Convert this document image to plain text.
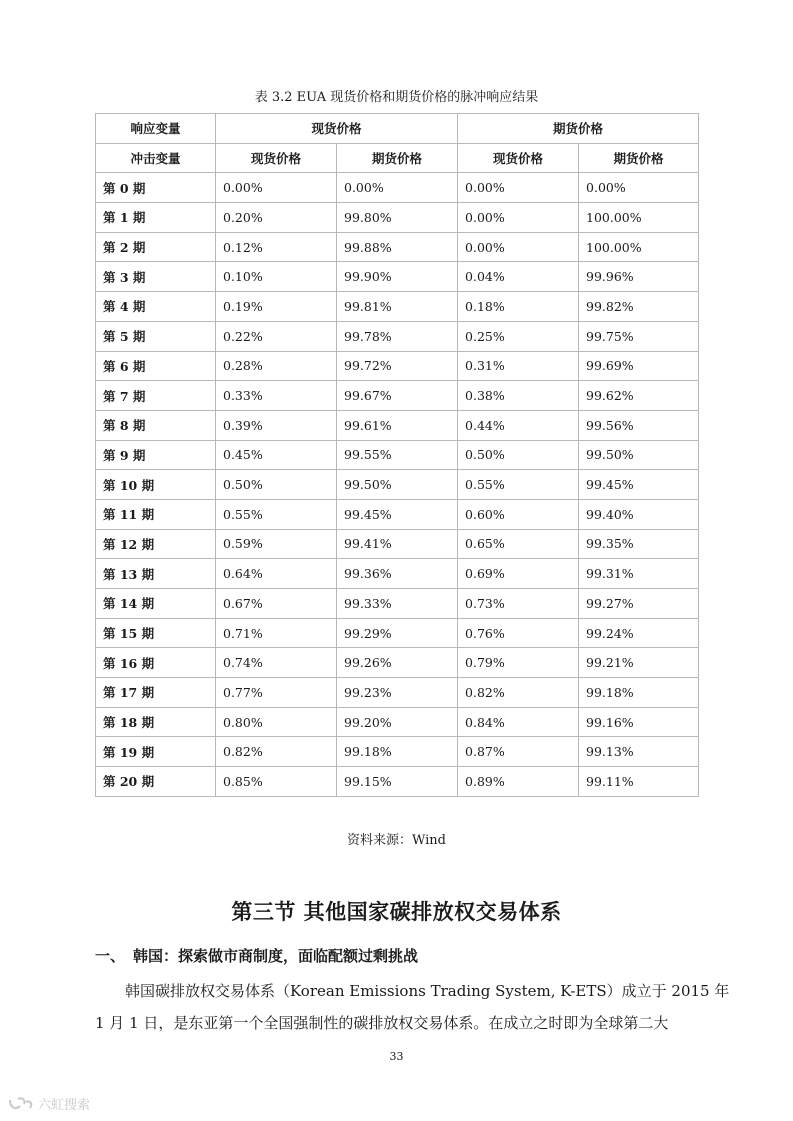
表 3.2 EUA 现货价格和期货价格的脉冲响应结果
响应变量	现货价格		期货价格	
冲击变量	现货价格	期货价格	现货价格	期货价格
第 0 期	0.00%	0.00%	0.00%	0.00%
第 1 期	0.20%	99.80%	0.00%	100.00%
第 2 期	0.12%	99.88%	0.00%	100.00%
第 3 期	0.10%	99.90%	0.04%	99.96%
第 4 期	0.19%	99.81%	0.18%	99.82%
第 5 期	0.22%	99.78%	0.25%	99.75%
第 6 期	0.28%	99.72%	0.31%	99.69%
第 7 期	0.33%	99.67%	0.38%	99.62%
第 8 期	0.39%	99.61%	0.44%	99.56%
第 9 期	0.45%	99.55%	0.50%	99.50%
第 10 期	0.50%	99.50%	0.55%	99.45%
第 11 期	0.55%	99.45%	0.60%	99.40%
第 12 期	0.59%	99.41%	0.65%	99.35%
第 13 期	0.64%	99.36%	0.69%	99.31%
第 14 期	0.67%	99.33%	0.73%	99.27%
第 15 期	0.71%	99.29%	0.76%	99.24%
第 16 期	0.74%	99.26%	0.79%	99.21%
第 17 期	0.77%	99.23%	0.82%	99.18%
第 18 期	0.80%	99.20%	0.84%	99.16%
第 19 期	0.82%	99.18%	0.87%	99.13%
第 20 期	0.85%	99.15%	0.89%	99.11%
资料来源：Wind
第三节 其他国家碳排放权交易体系
一、 韩国：探索做市商制度，面临配额过剩挑战
韩国碳排放权交易体系（Korean Emissions Trading System, K-ETS）成立于 2015 年
1 月 1 日，是东亚第一个全国强制性的碳排放权交易体系。在成立之时即为全球第二大
33
六虹搜索
